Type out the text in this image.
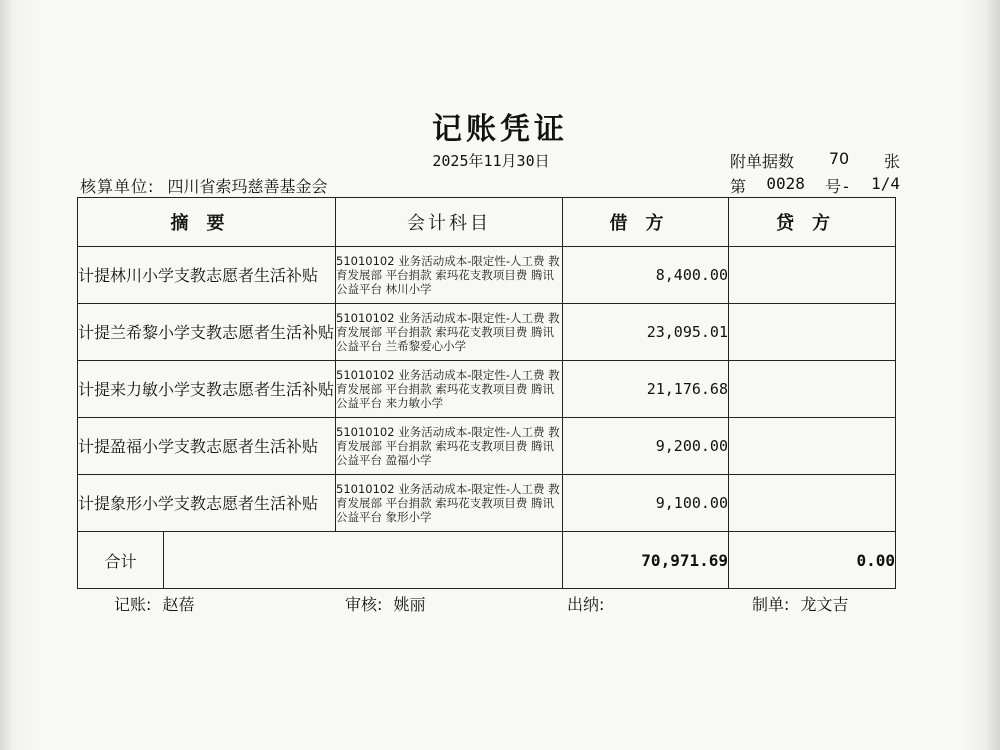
记账凭证
2025年11月30日	附单据数 70 张
核算单位: 四川省索玛慈善基金会	第 0028 号- 1/4
摘要	会计科目	借方	贷方
计提林川小学支教志愿者生活补贴	51010102 业务活动成本-限定性-人工费 教育发展部 平台捐款 索玛花支教项目费 腾讯公益平台 林川小学	8,400.00	
计提兰希黎小学支教志愿者生活补贴	51010102 业务活动成本-限定性-人工费 教育发展部 平台捐款 索玛花支教项目费 腾讯公益平台 兰希黎爱心小学	23,095.01	
计提来力敏小学支教志愿者生活补贴	51010102 业务活动成本-限定性-人工费 教育发展部 平台捐款 索玛花支教项目费 腾讯公益平台 来力敏小学	21,176.68	
计提盈福小学支教志愿者生活补贴	51010102 业务活动成本-限定性-人工费 教育发展部 平台捐款 索玛花支教项目费 腾讯公益平台 盈福小学	9,200.00	
计提象形小学支教志愿者生活补贴	51010102 业务活动成本-限定性-人工费 教育发展部 平台捐款 索玛花支教项目费 腾讯公益平台 象形小学	9,100.00	

合计		70,971.69	0.00
记账: 赵蓓	审核: 姚丽	出纳:	制单: 龙文吉
